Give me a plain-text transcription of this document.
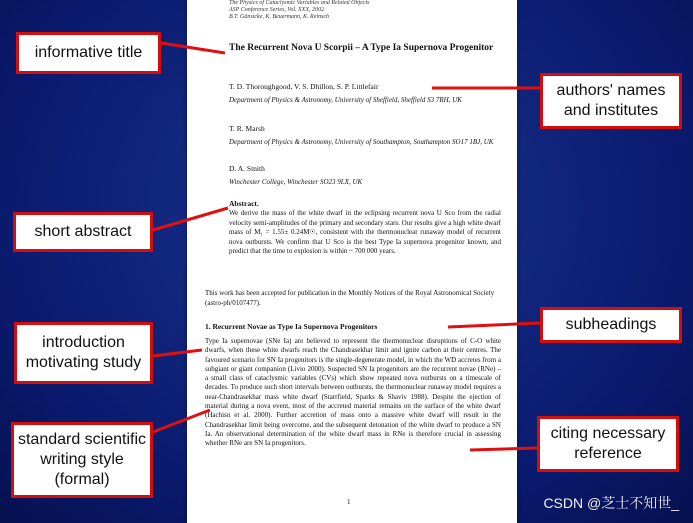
The Physics of Cataclysmic Variables and Related Objects
ASP Conference Series, Vol. XXX, 2002
B.T. Gänsicke, K. Beuermann, K. Reinsch
The Recurrent Nova U Scorpii – A Type Ia Supernova Progenitor
T. D. Thoroughgood, V. S. Dhillon, S. P. Littlefair
Department of Physics & Astronomy, University of Sheffield, Sheffield S3 7RH, UK
T. R. Marsh
Department of Physics & Astronomy, University of Southampton, Southampton SO17 1BJ, UK
D. A. Smith
Winchester College, Winchester SO23 9LX, UK
Abstract.
We derive the mass of the white dwarf in the eclipsing recurrent nova U Sco from the radial velocity semi-amplitudes of the primary and secondary stars. Our results give a high white dwarf mass of M₁ = 1.55± 0.24M☉, consistent with the thermonuclear runaway model of recurrent nova outbursts. We confirm that U Sco is the best Type Ia supernova progenitor known, and predict that the time to explosion is within ~ 700 000 years.
This work has been accepted for publication in the Monthly Notices of the Royal Astronomical Society (astro-ph/0107477).
1. Recurrent Novae as Type Ia Supernova Progenitors
Type Ia supernovae (SNe Ia) are believed to represent the thermonuclear disruptions of C-O white dwarfs, when these white dwarfs reach the Chandrasekhar limit and ignite carbon at their centres. The favoured scenario for SN Ia progenitors is the single-degenerate model, in which the WD accretes from a subgiant or giant companion (Livio 2000). Suspected SN Ia progenitors are the recurrent novae (RNe) – a small class of cataclysmic variables (CVs) which show repeated nova outbursts on a timescale of decades. To produce such short intervals between outbursts, the thermonuclear runaway model requires a near-Chandrasekhar mass white dwarf (Starrfield, Sparks & Shaviv 1988). Despite the ejection of material during a nova event, most of the accreted material remains on the surface of the white dwarf (Hachisu et al. 2000). Further accretion of mass onto a massive white dwarf will result in the Chandrasekhar limit being overcome, and the subsequent detonation of the white dwarf to produce a SN Ia. An observational determination of the white dwarf mass in RNe is therefore crucial in assessing whether RNe are SN Ia progenitors.
1
informative title
authors' names and institutes
short abstract
introduction motivating study
subheadings
standard scientific writing style (formal)
citing necessary reference
CSDN @芝士不知世_
